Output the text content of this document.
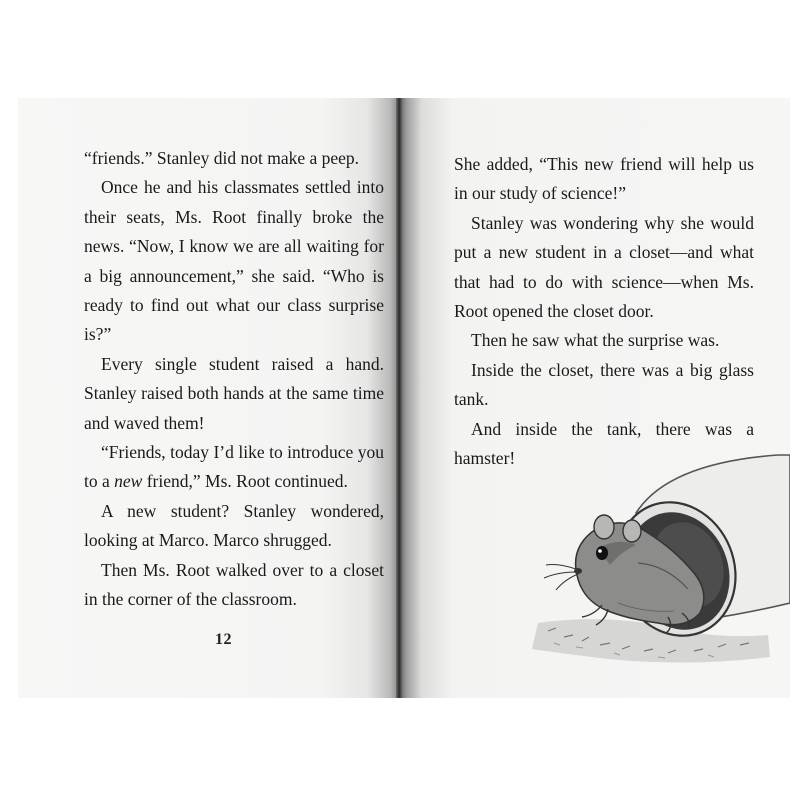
“friends.” Stanley did not make a peep.

Once he and his classmates settled into their seats, Ms. Root finally broke the news. “Now, I know we are all waiting for a big announcement,” she said. “Who is ready to find out what our class surprise is?”

Every single student raised a hand. Stanley raised both hands at the same time and waved them!

“Friends, today I’d like to introduce you to a new friend,” Ms. Root continued.

A new student? Stanley wondered, looking at Marco. Marco shrugged.

Then Ms. Root walked over to a closet in the corner of the classroom.

12

She added, “This new friend will help us in our study of science!”

Stanley was wondering why she would put a new student in a closet—and what that had to do with science—when Ms. Root opened the closet door.

Then he saw what the surprise was.

Inside the closet, there was a big glass tank.

And inside the tank, there was a hamster!
